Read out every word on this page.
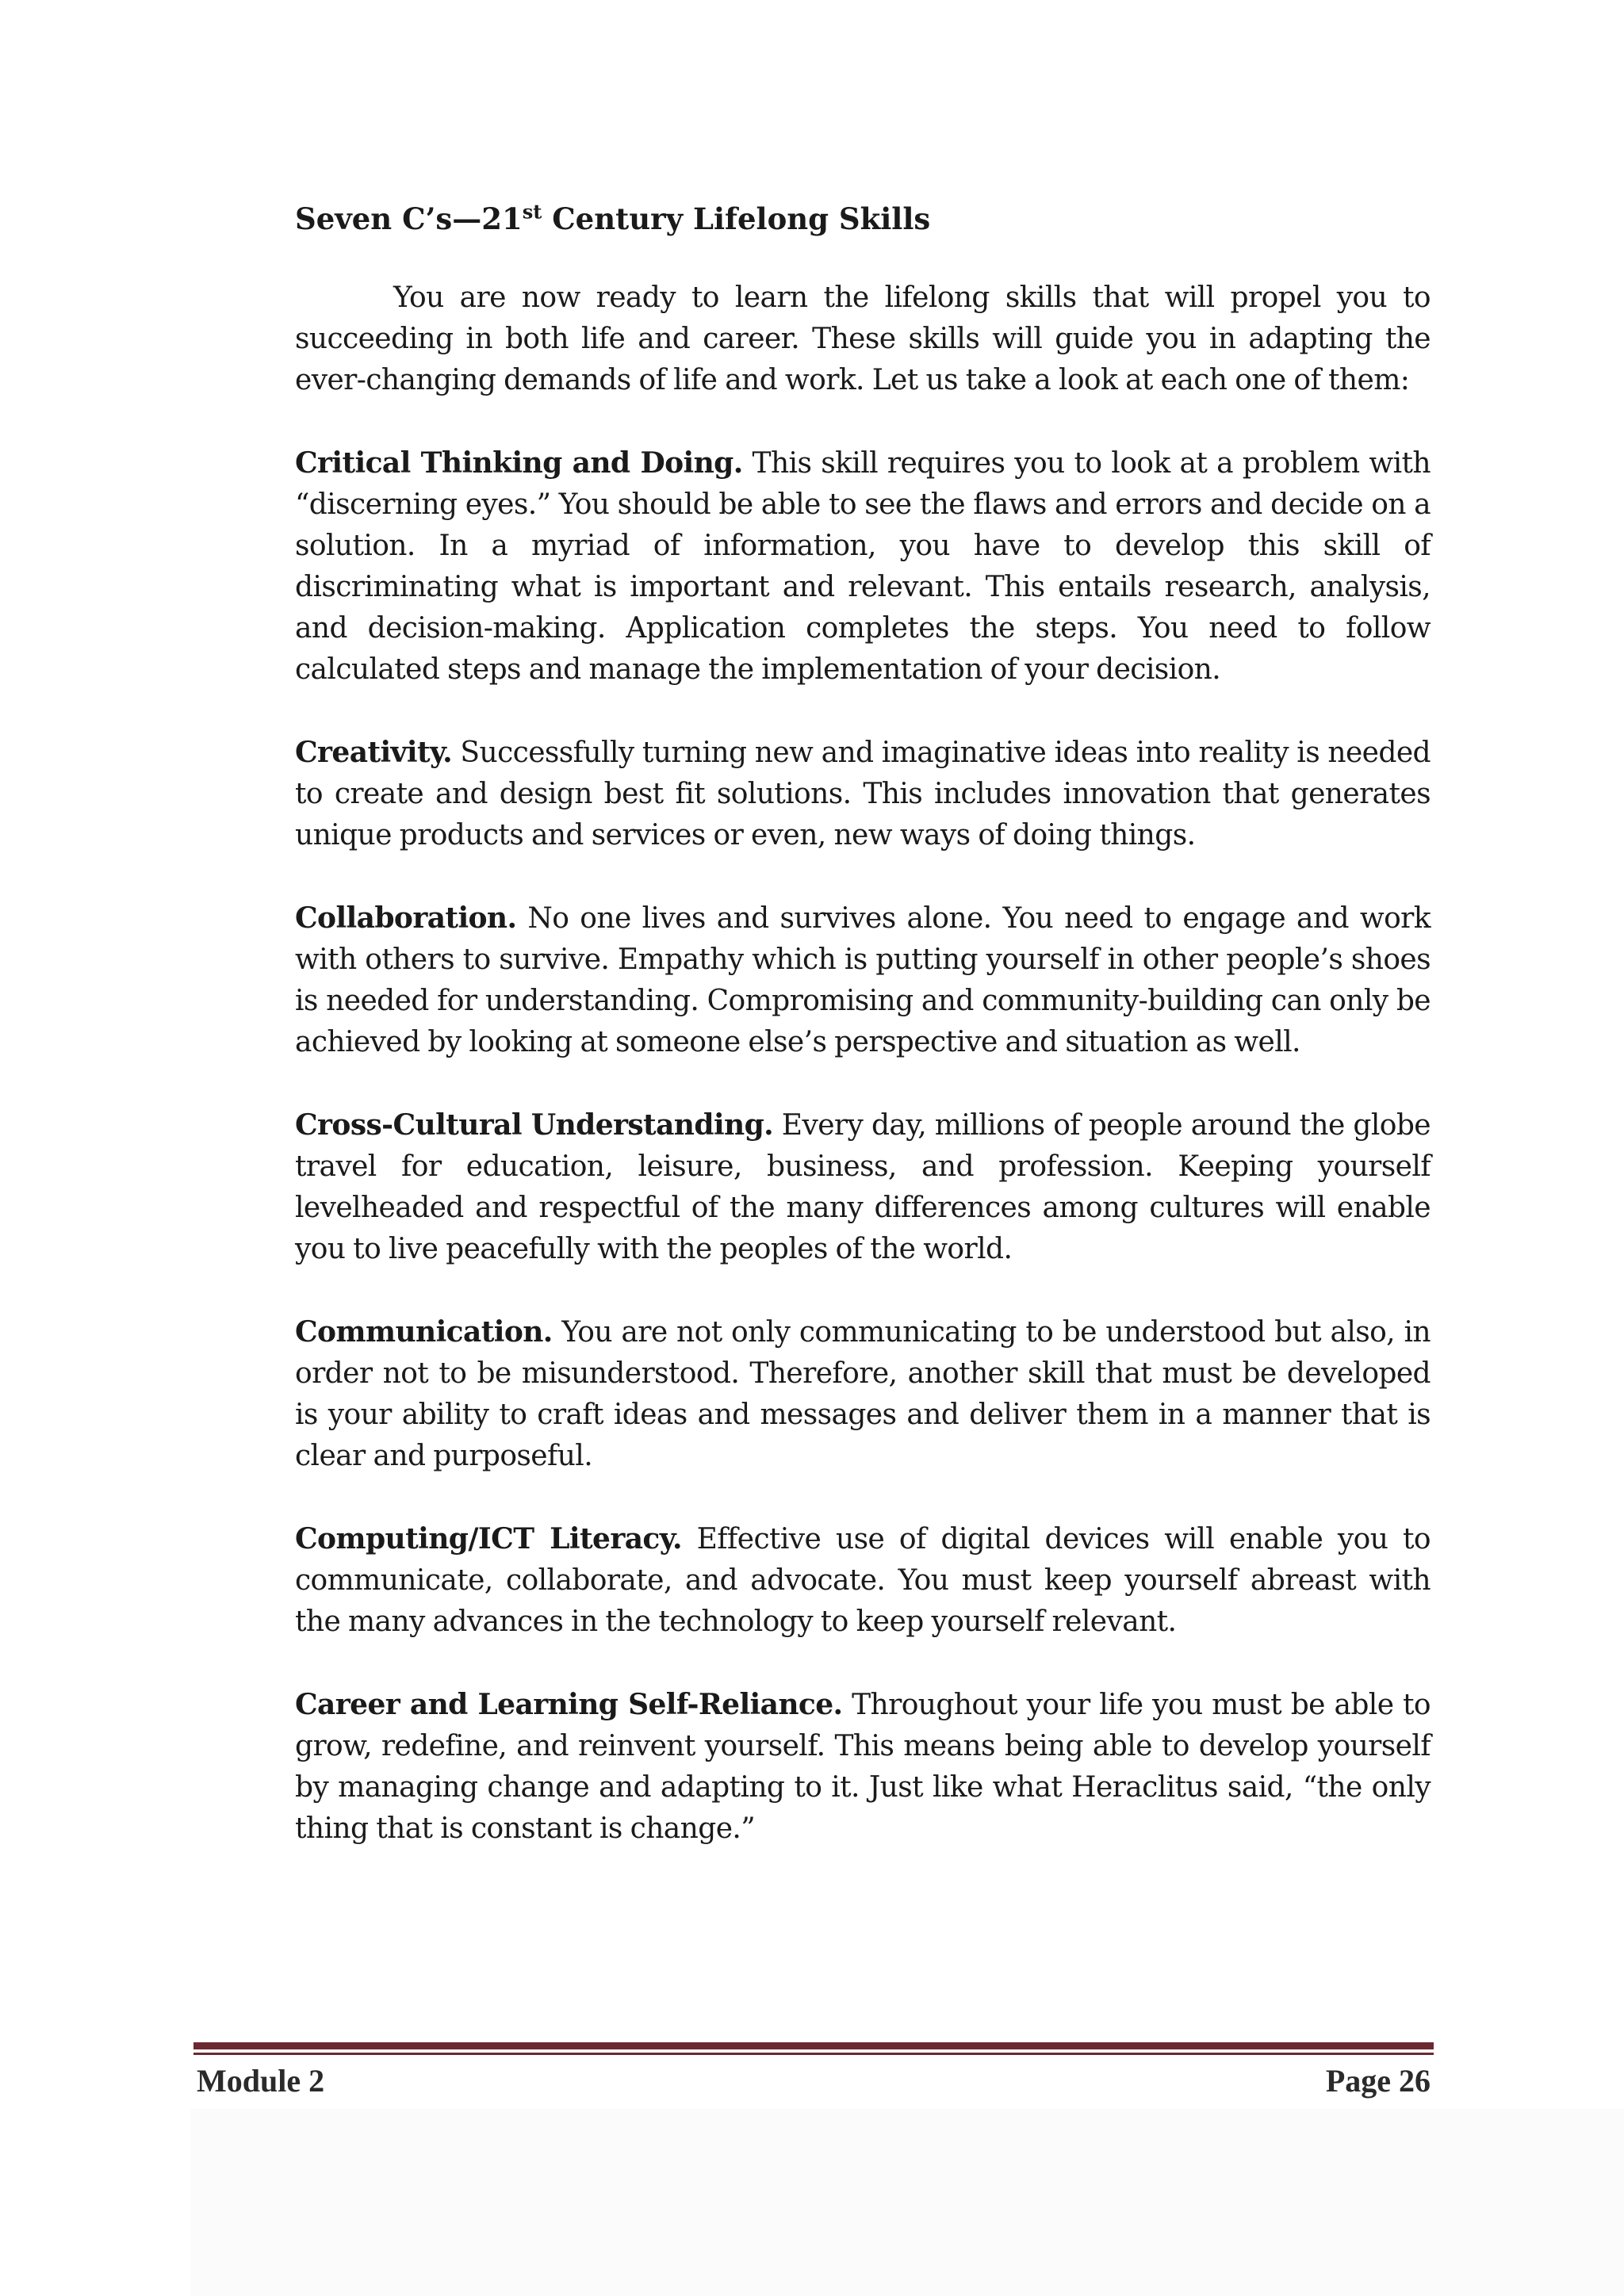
Seven C’s—21st Century Lifelong Skills

You are now ready to learn the lifelong skills that will propel you to succeeding in both life and career. These skills will guide you in adapting the ever-changing demands of life and work. Let us take a look at each one of them:

Critical Thinking and Doing. This skill requires you to look at a problem with “discerning eyes.” You should be able to see the flaws and errors and decide on a solution. In a myriad of information, you have to develop this skill of discriminating what is important and relevant. This entails research, analysis, and decision-making. Application completes the steps. You need to follow calculated steps and manage the implementation of your decision.

Creativity. Successfully turning new and imaginative ideas into reality is needed to create and design best fit solutions. This includes innovation that generates unique products and services or even, new ways of doing things.

Collaboration. No one lives and survives alone. You need to engage and work with others to survive. Empathy which is putting yourself in other people’s shoes is needed for understanding. Compromising and community-building can only be achieved by looking at someone else’s perspective and situation as well.

Cross-Cultural Understanding. Every day, millions of people around the globe travel for education, leisure, business, and profession. Keeping yourself levelheaded and respectful of the many differences among cultures will enable you to live peacefully with the peoples of the world.

Communication. You are not only communicating to be understood but also, in order not to be misunderstood. Therefore, another skill that must be developed is your ability to craft ideas and messages and deliver them in a manner that is clear and purposeful.

Computing/ICT Literacy. Effective use of digital devices will enable you to communicate, collaborate, and advocate. You must keep yourself abreast with the many advances in the technology to keep yourself relevant.

Career and Learning Self-Reliance. Throughout your life you must be able to grow, redefine, and reinvent yourself. This means being able to develop yourself by managing change and adapting to it. Just like what Heraclitus said, “the only thing that is constant is change.”

Module 2	Page 26
